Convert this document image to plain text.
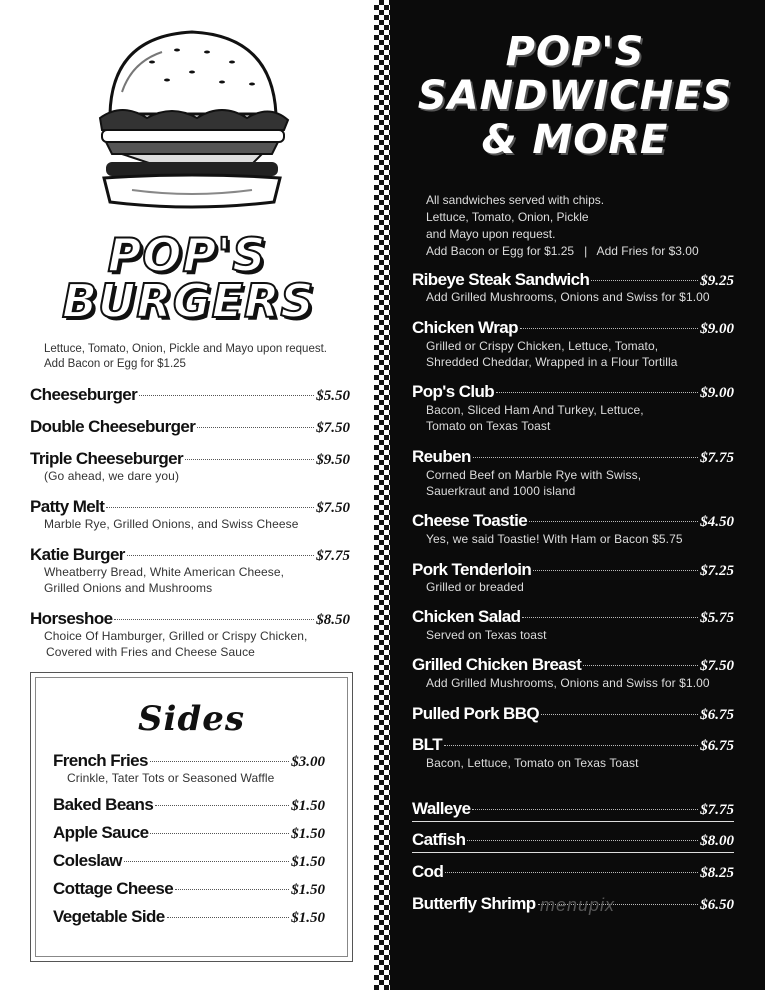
POP'S
BURGERS
Lettuce, Tomato, Onion, Pickle and Mayo upon request.
Add Bacon or Egg for $1.25
Cheeseburger	$5.50
Double Cheeseburger	$7.50
Triple Cheeseburger	$9.50
(Go ahead, we dare you)
Patty Melt	$7.50
Marble Rye, Grilled Onions, and Swiss Cheese
Katie Burger	$7.75
Wheatberry Bread, White American Cheese,
Grilled Onions and Mushrooms
Horseshoe	$8.50
Choice Of Hamburger, Grilled or Crispy Chicken,
Covered with Fries and Cheese Sauce
Sides
French Fries	$3.00
Crinkle, Tater Tots or Seasoned Waffle
Baked Beans	$1.50
Apple Sauce	$1.50
Coleslaw	$1.50
Cottage Cheese	$1.50
Vegetable Side	$1.50
POP'S
SANDWICHES
& MORE
All sandwiches served with chips.
Lettuce, Tomato, Onion, Pickle
and Mayo upon request.
Add Bacon or Egg for $1.25   |   Add Fries for $3.00
Ribeye Steak Sandwich	$9.25
Add Grilled Mushrooms, Onions and Swiss for $1.00
Chicken Wrap	$9.00
Grilled or Crispy Chicken, Lettuce, Tomato,
Shredded Cheddar, Wrapped in a Flour Tortilla
Pop's Club	$9.00
Bacon, Sliced Ham And Turkey, Lettuce,
Tomato on Texas Toast
Reuben	$7.75
Corned Beef on Marble Rye with Swiss,
Sauerkraut and 1000 island
Cheese Toastie	$4.50
Yes, we said Toastie! With Ham or Bacon $5.75
Pork Tenderloin	$7.25
Grilled or breaded
Chicken Salad	$5.75
Served on Texas toast
Grilled Chicken Breast	$7.50
Add Grilled Mushrooms, Onions and Swiss for $1.00
Pulled Pork BBQ	$6.75
BLT	$6.75
Bacon, Lettuce, Tomato on Texas Toast
Walleye	$7.75
Catfish	$8.00
Cod	$8.25
Butterfly Shrimp	$6.50
menupix
